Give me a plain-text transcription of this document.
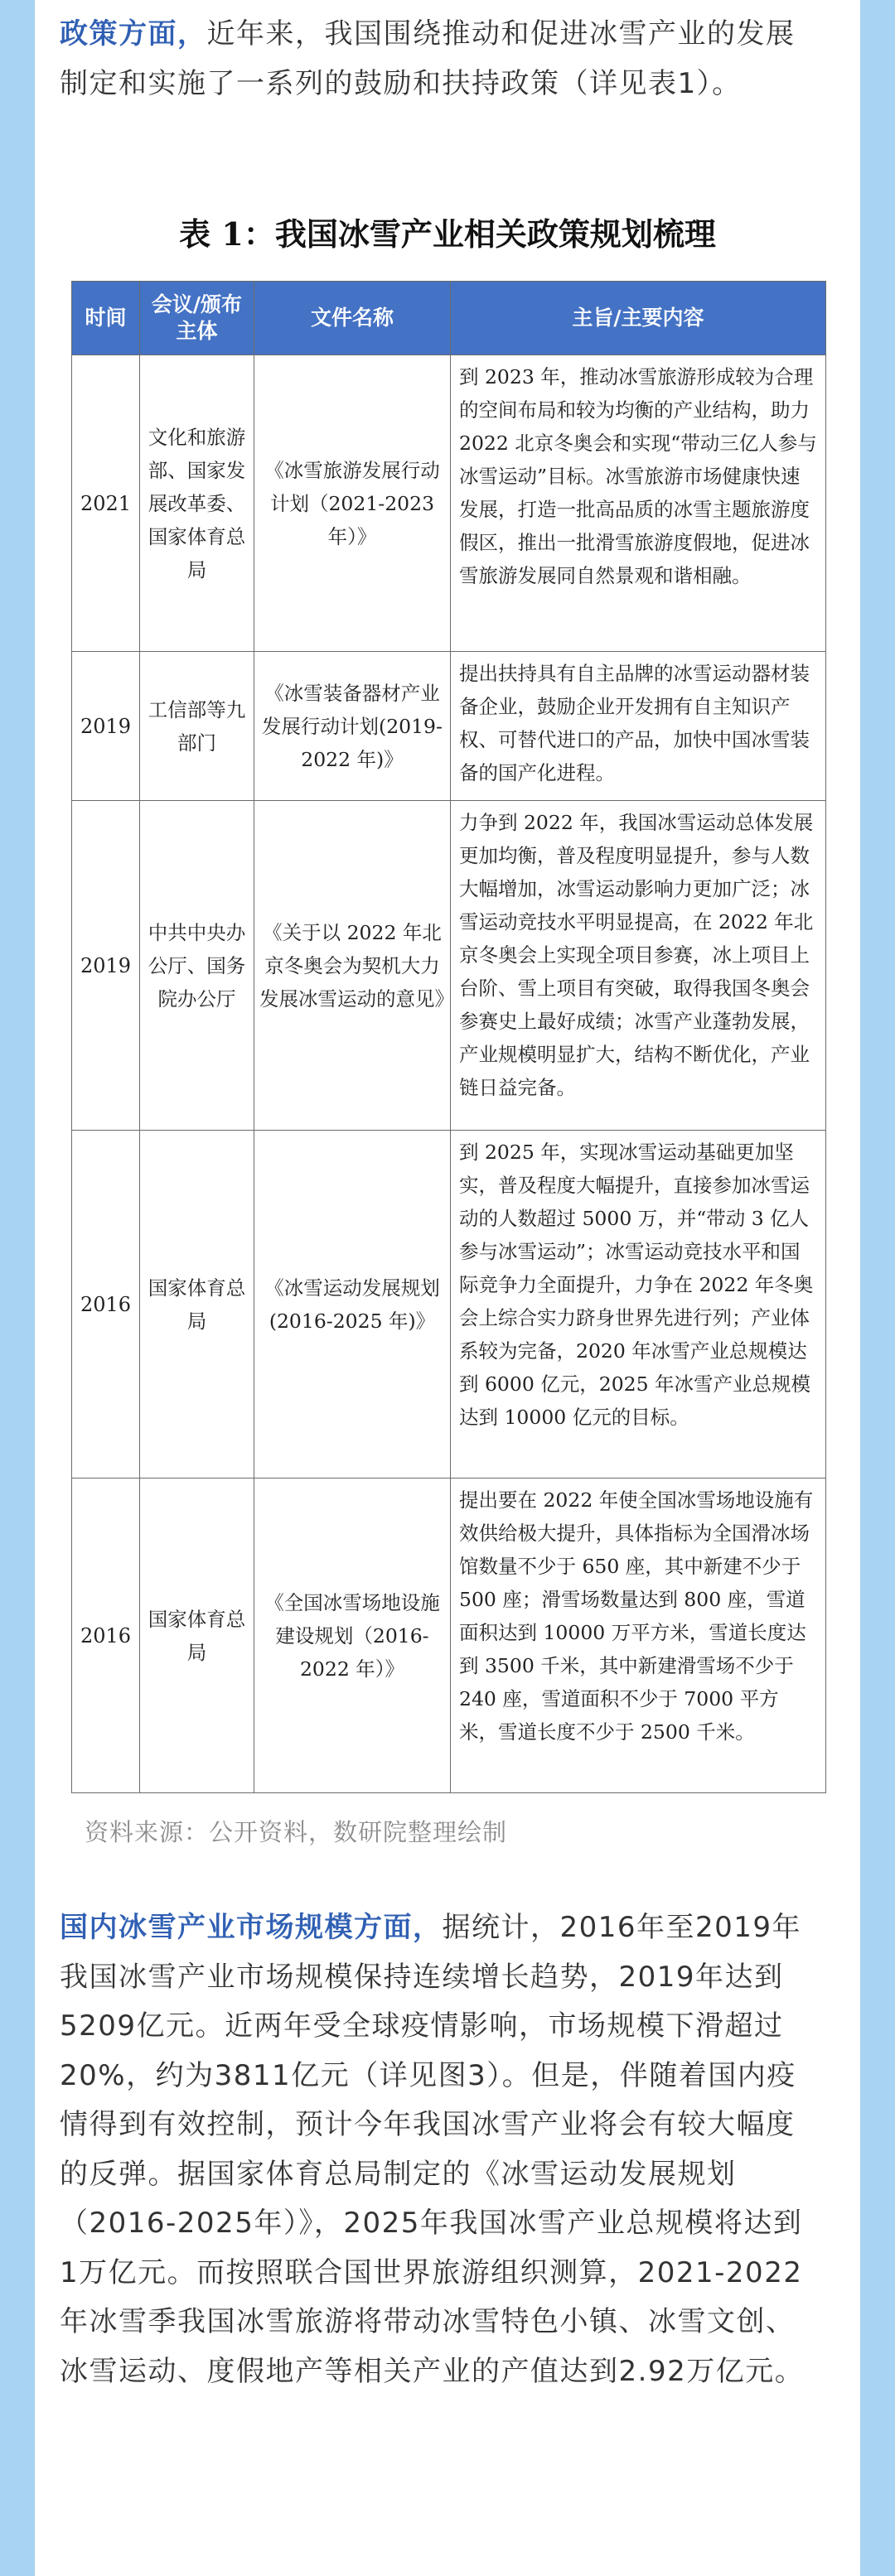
政策方面，近年来，我国围绕推动和促进冰雪产业的发展制定和实施了一系列的鼓励和扶持政策（详见表1）。

表 1：我国冰雪产业相关政策规划梳理
时间	会议/颁布主体	文件名称	主旨/主要内容
2021	文化和旅游部、国家发展改革委、国家体育总局	《冰雪旅游发展行动计划（2021-2023年）》	到 2023 年，推动冰雪旅游形成较为合理的空间布局和较为均衡的产业结构，助力 2022 北京冬奥会和实现“带动三亿人参与冰雪运动”目标。冰雪旅游市场健康快速发展，打造一批高品质的冰雪主题旅游度假区，推出一批滑雪旅游度假地，促进冰雪旅游发展同自然景观和谐相融。
2019	工信部等九部门	《冰雪装备器材产业发展行动计划(2019-2022 年)》	提出扶持具有自主品牌的冰雪运动器材装备企业，鼓励企业开发拥有自主知识产权、可替代进口的产品，加快中国冰雪装备的国产化进程。
2019	中共中央办公厅、国务院办公厅	《关于以 2022 年北京冬奥会为契机大力发展冰雪运动的意见》	力争到 2022 年，我国冰雪运动总体发展更加均衡，普及程度明显提升，参与人数大幅增加，冰雪运动影响力更加广泛；冰雪运动竞技水平明显提高，在 2022 年北京冬奥会上实现全项目参赛，冰上项目上台阶、雪上项目有突破，取得我国冬奥会参赛史上最好成绩；冰雪产业蓬勃发展，产业规模明显扩大，结构不断优化，产业链日益完备。
2016	国家体育总局	《冰雪运动发展规划(2016-2025 年)》	到 2025 年，实现冰雪运动基础更加坚实，普及程度大幅提升，直接参加冰雪运动的人数超过 5000 万，并“带动 3 亿人参与冰雪运动”；冰雪运动竞技水平和国际竞争力全面提升，力争在 2022 年冬奥会上综合实力跻身世界先进行列；产业体系较为完备，2020 年冰雪产业总规模达到 6000 亿元，2025 年冰雪产业总规模达到 10000 亿元的目标。
2016	国家体育总局	《全国冰雪场地设施建设规划（2016-2022 年）》	提出要在 2022 年使全国冰雪场地设施有效供给极大提升，具体指标为全国滑冰场馆数量不少于 650 座，其中新建不少于 500 座；滑雪场数量达到 800 座，雪道面积达到 10000 万平方米，雪道长度达到 3500 千米，其中新建滑雪场不少于 240 座，雪道面积不少于 7000 平方米，雪道长度不少于 2500 千米。

资料来源：公开资料，数研院整理绘制

国内冰雪产业市场规模方面，据统计，2016年至2019年我国冰雪产业市场规模保持连续增长趋势，2019年达到5209亿元。近两年受全球疫情影响，市场规模下滑超过20%，约为3811亿元（详见图3）。但是，伴随着国内疫情得到有效控制，预计今年我国冰雪产业将会有较大幅度的反弹。据国家体育总局制定的《冰雪运动发展规划（2016-2025年）》，2025年我国冰雪产业总规模将达到1万亿元。而按照联合国世界旅游组织测算，2021-2022年冰雪季我国冰雪旅游将带动冰雪特色小镇、冰雪文创、冰雪运动、度假地产等相关产业的产值达到2.92万亿元。
